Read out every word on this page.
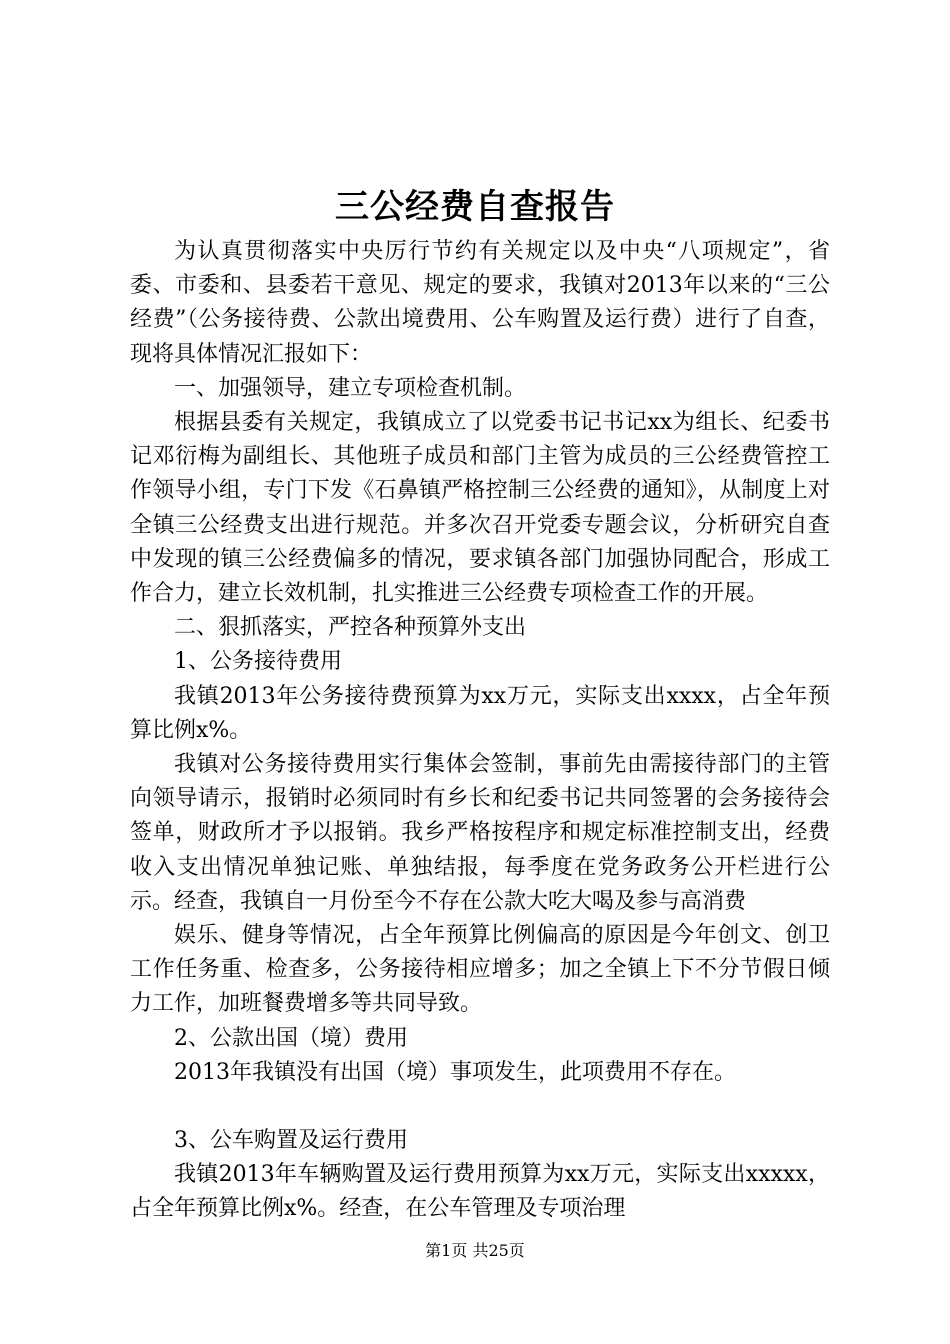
三公经费自查报告

为认真贯彻落实中央厉行节约有关规定以及中央“八项规定”，省委、市委和、县委若干意见、规定的要求，我镇对2013年以来的“三公经费”（公务接待费、公款出境费用、公车购置及运行费）进行了自查，现将具体情况汇报如下：

一、加强领导，建立专项检查机制。

根据县委有关规定，我镇成立了以党委书记书记xx为组长、纪委书记邓衍梅为副组长、其他班子成员和部门主管为成员的三公经费管控工作领导小组，专门下发《石鼻镇严格控制三公经费的通知》，从制度上对全镇三公经费支出进行规范。并多次召开党委专题会议，分析研究自查中发现的镇三公经费偏多的情况，要求镇各部门加强协同配合，形成工作合力，建立长效机制，扎实推进三公经费专项检查工作的开展。

二、狠抓落实，严控各种预算外支出

1、公务接待费用

我镇2013年公务接待费预算为xx万元，实际支出xxxx，占全年预算比例x%。

我镇对公务接待费用实行集体会签制，事前先由需接待部门的主管向领导请示，报销时必须同时有乡长和纪委书记共同签署的会务接待会签单，财政所才予以报销。我乡严格按程序和规定标准控制支出，经费收入支出情况单独记账、单独结报，每季度在党务政务公开栏进行公示。经查，我镇自一月份至今不存在公款大吃大喝及参与高消费

娱乐、健身等情况，占全年预算比例偏高的原因是今年创文、创卫工作任务重、检查多，公务接待相应增多；加之全镇上下不分节假日倾力工作，加班餐费增多等共同导致。

2、公款出国（境）费用

2013年我镇没有出国（境）事项发生，此项费用不存在。

3、公车购置及运行费用

我镇2013年车辆购置及运行费用预算为xx万元，实际支出xxxxx，占全年预算比例x%。经查，在公车管理及专项治理

第1页 共25页
